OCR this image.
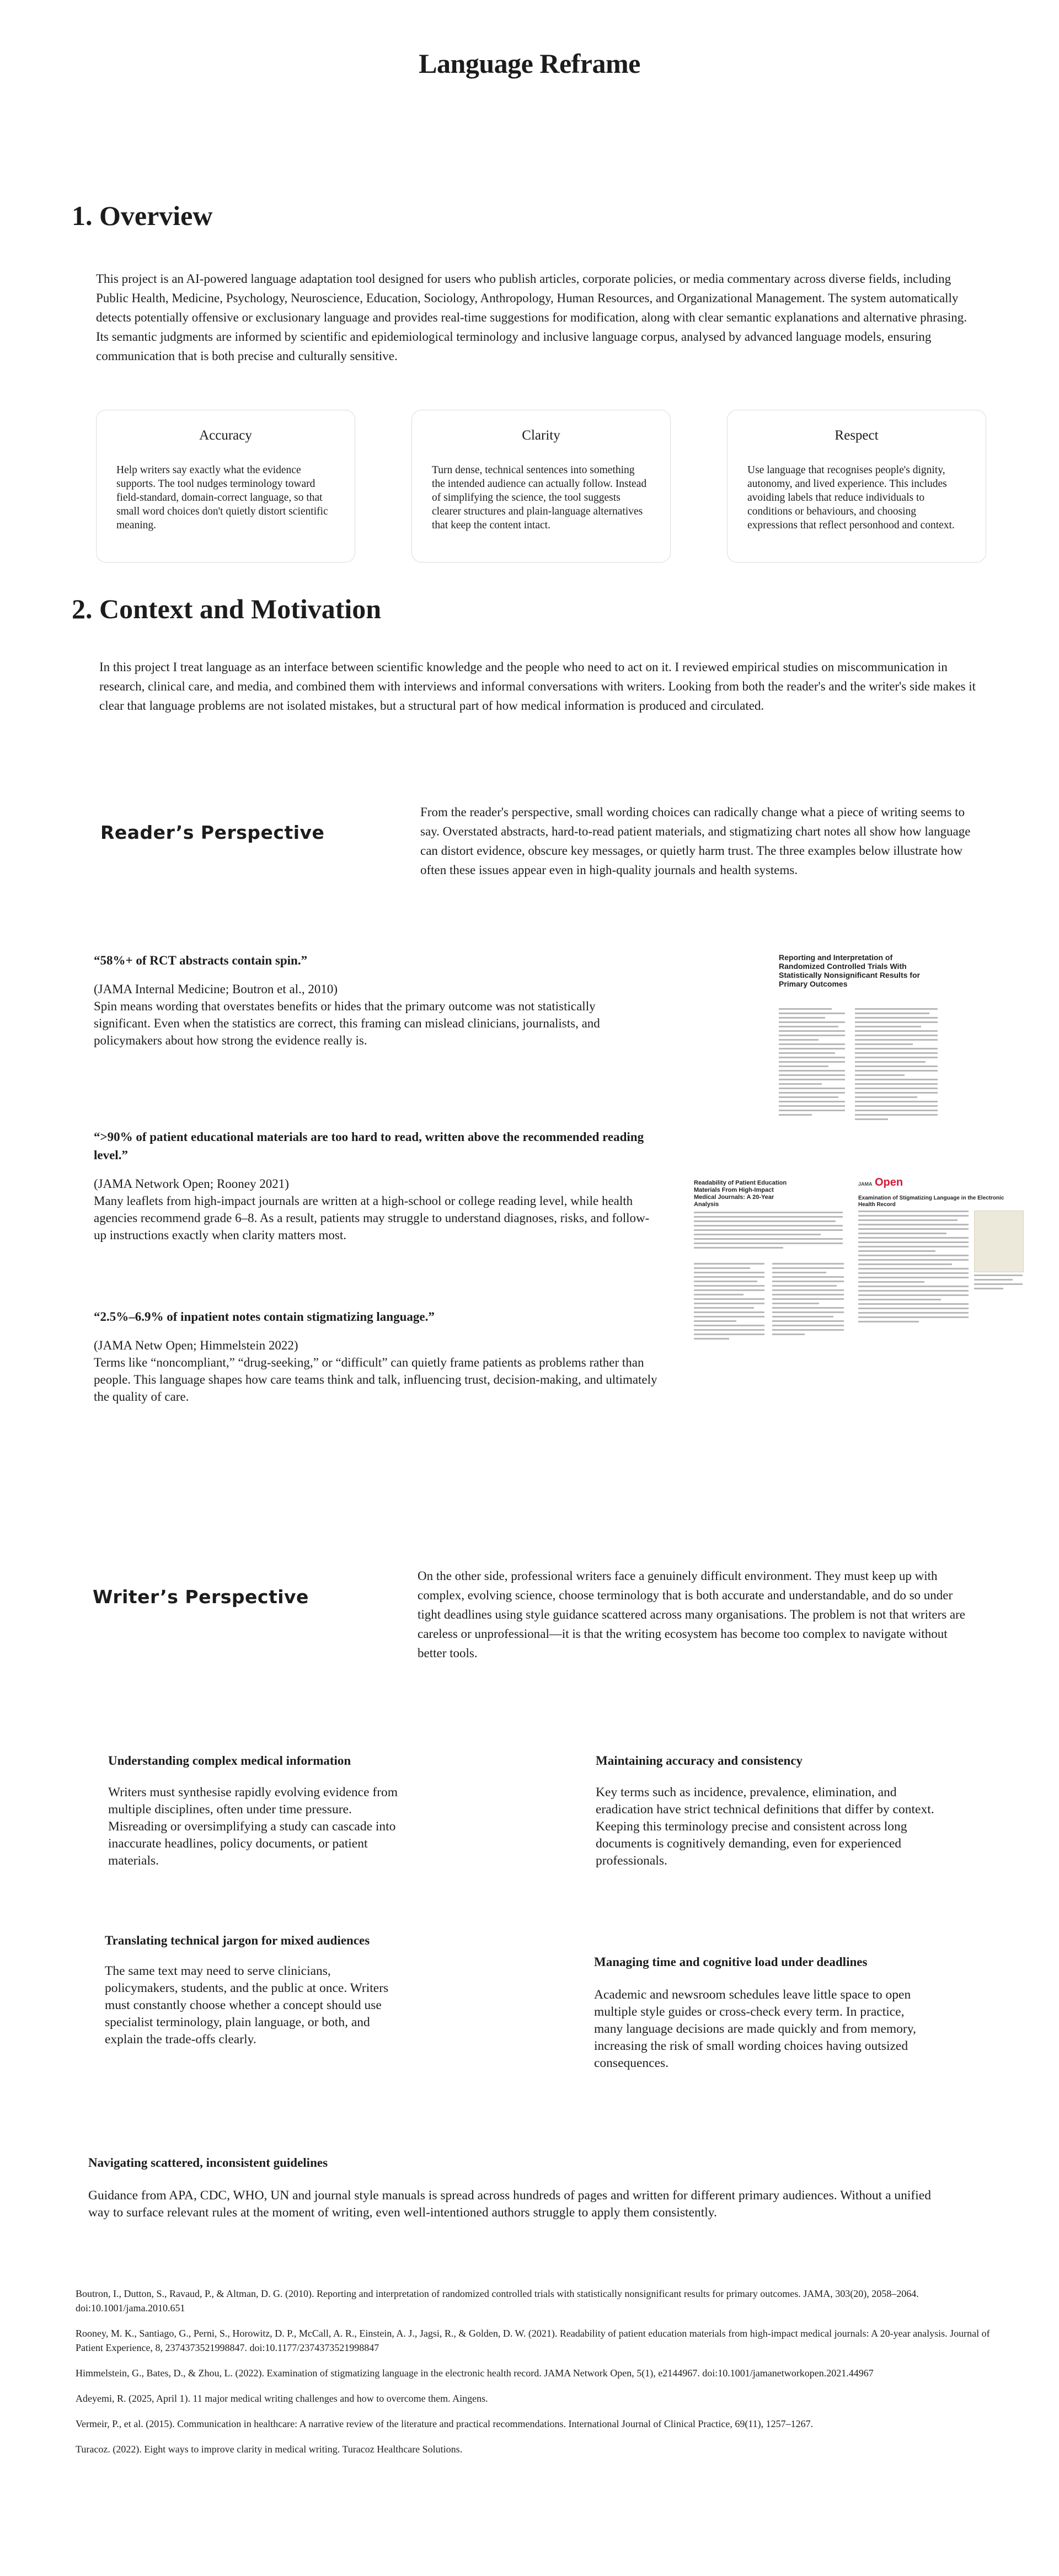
Language Reframe
1. Overview

This project is an AI-powered language adaptation tool designed for users who publish articles, corporate policies, or media commentary across diverse fields, including Public Health, Medicine, Psychology, Neuroscience, Education, Sociology, Anthropology, Human Resources, and Organizational Management. The system automatically detects potentially offensive or exclusionary language and provides real-time suggestions for modification, along with clear semantic explanations and alternative phrasing. Its semantic judgments are informed by scientific and epidemiological terminology and inclusive language corpus, analysed by advanced language models, ensuring communication that is both precise and culturally sensitive.

Accuracy

Help writers say exactly what the evidence supports. The tool nudges terminology toward field-standard, domain-correct language, so that small word choices don't quietly distort scientific meaning.

Clarity

Turn dense, technical sentences into something the intended audience can actually follow. Instead of simplifying the science, the tool suggests clearer structures and plain-language alternatives that keep the content intact.

Respect

Use language that recognises people's dignity, autonomy, and lived experience. This includes avoiding labels that reduce individuals to conditions or behaviours, and choosing expressions that reflect personhood and context.

2. Context and Motivation

In this project I treat language as an interface between scientific knowledge and the people who need to act on it. I reviewed empirical studies on miscommunication in research, clinical care, and media, and combined them with interviews and informal conversations with writers. Looking from both the reader's and the writer's side makes it clear that language problems are not isolated mistakes, but a structural part of how medical information is produced and circulated.

Reader’s Perspective

From the reader's perspective, small wording choices can radically change what a piece of writing seems to say. Overstated abstracts, hard-to-read patient materials, and stigmatizing chart notes all show how language can distort evidence, obscure key messages, or quietly harm trust. The three examples below illustrate how often these issues appear even in high-quality journals and health systems.

“58%+ of RCT abstracts contain spin.”

(JAMA Internal Medicine; Boutron et al., 2010)

Spin means wording that overstates benefits or hides that the primary outcome was not statistically significant. Even when the statistics are correct, this framing can mislead clinicians, journalists, and policymakers about how strong the evidence really is.

“>90% of patient educational materials are too hard to read, written above the recommended reading level.”

(JAMA Network Open; Rooney 2021)

Many leaflets from high-impact journals are written at a high-school or college reading level, while health agencies recommend grade 6–8. As a result, patients may struggle to understand diagnoses, risks, and follow-up instructions exactly when clarity matters most.

“2.5%–6.9% of inpatient notes contain stigmatizing language.”

(JAMA Netw Open; Himmelstein 2022)

Terms like “noncompliant,” “drug-seeking,” or “difficult” can quietly frame patients as problems rather than people. This language shapes how care teams think and talk, influencing trust, decision-making, and ultimately the quality of care.

Reporting and Interpretation of Randomized Controlled Trials With Statistically Nonsignificant Results for Primary Outcomes
Readability of Patient Education Materials From High-Impact Medical Journals: A 20-Year Analysis
JAMA Open
Examination of Stigmatizing Language in the Electronic Health Record
Writer’s Perspective

On the other side, professional writers face a genuinely difficult environment. They must keep up with complex, evolving science, choose terminology that is both accurate and understandable, and do so under tight deadlines using style guidance scattered across many organisations. The problem is not that writers are careless or unprofessional—it is that the writing ecosystem has become too complex to navigate without better tools.

Understanding complex medical information

Writers must synthesise rapidly evolving evidence from multiple disciplines, often under time pressure. Misreading or oversimplifying a study can cascade into inaccurate headlines, policy documents, or patient materials.

Maintaining accuracy and consistency

Key terms such as incidence, prevalence, elimination, and eradication have strict technical definitions that differ by context. Keeping this terminology precise and consistent across long documents is cognitively demanding, even for experienced professionals.

Translating technical jargon for mixed audiences

The same text may need to serve clinicians, policymakers, students, and the public at once. Writers must constantly choose whether a concept should use specialist terminology, plain language, or both, and explain the trade-offs clearly.

Managing time and cognitive load under deadlines

Academic and newsroom schedules leave little space to open multiple style guides or cross-check every term. In practice, many language decisions are made quickly and from memory, increasing the risk of small wording choices having outsized consequences.

Navigating scattered, inconsistent guidelines

Guidance from APA, CDC, WHO, UN and journal style manuals is spread across hundreds of pages and written for different primary audiences. Without a unified way to surface relevant rules at the moment of writing, even well-intentioned authors struggle to apply them consistently.

Boutron, I., Dutton, S., Ravaud, P., & Altman, D. G. (2010). Reporting and interpretation of randomized controlled trials with statistically nonsignificant results for primary outcomes. JAMA, 303(20), 2058–2064. doi:10.1001/jama.2010.651

Rooney, M. K., Santiago, G., Perni, S., Horowitz, D. P., McCall, A. R., Einstein, A. J., Jagsi, R., & Golden, D. W. (2021). Readability of patient education materials from high-impact medical journals: A 20-year analysis. Journal of Patient Experience, 8, 2374373521998847. doi:10.1177/2374373521998847

Himmelstein, G., Bates, D., & Zhou, L. (2022). Examination of stigmatizing language in the electronic health record. JAMA Network Open, 5(1), e2144967. doi:10.1001/jamanetworkopen.2021.44967

Adeyemi, R. (2025, April 1). 11 major medical writing challenges and how to overcome them. Aingens.

Vermeir, P., et al. (2015). Communication in healthcare: A narrative review of the literature and practical recommendations. International Journal of Clinical Practice, 69(11), 1257–1267.

Turacoz. (2022). Eight ways to improve clarity in medical writing. Turacoz Healthcare Solutions.
